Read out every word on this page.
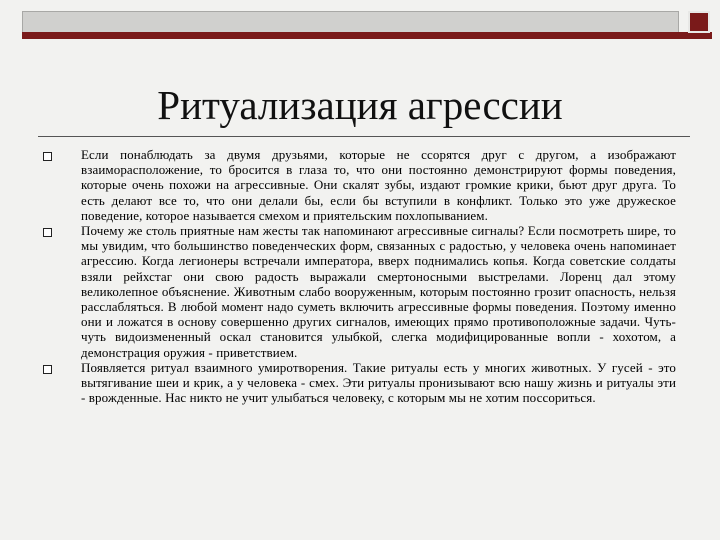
Ритуализация агрессии
Если понаблюдать за двумя друзьями, которые не ссорятся друг с другом, а изображают взаиморасположение, то бросится в глаза то, что они постоянно демонстрируют формы поведения, которые очень похожи на агрессивные. Они скалят зубы, издают громкие крики, бьют друг друга. То есть делают все то, что они делали бы, если бы вступили в конфликт. Только это уже дружеское поведение, которое называется смехом и приятельским похлопыванием.
Почему же столь приятные нам жесты так напоминают агрессивные сигналы? Если посмотреть шире, то мы увидим, что большинство поведенческих форм, связанных с радостью, у человека очень напоминает агрессию. Когда легионеры встречали императора, вверх поднимались копья. Когда советские солдаты взяли рейхстаг они свою радость выражали смертоносными выстрелами. Лоренц дал этому великолепное объяснение. Животным слабо вооруженным, которым постоянно грозит опасность, нельзя расслабляться. В любой момент надо суметь включить агрессивные формы поведения. Поэтому именно они и ложатся в основу совершенно других сигналов, имеющих прямо противоположные задачи. Чуть-чуть видоизмененный оскал становится улыбкой, слегка модифицированные вопли - хохотом, а демонстрация оружия - приветствием.
Появляется ритуал взаимного умиротворения. Такие ритуалы есть у многих животных. У гусей - это вытягивание шеи и крик, а у человека - смех. Эти ритуалы пронизывают всю нашу жизнь и ритуалы эти - врожденные. Нас никто не учит улыбаться человеку, с которым мы не хотим поссориться.
